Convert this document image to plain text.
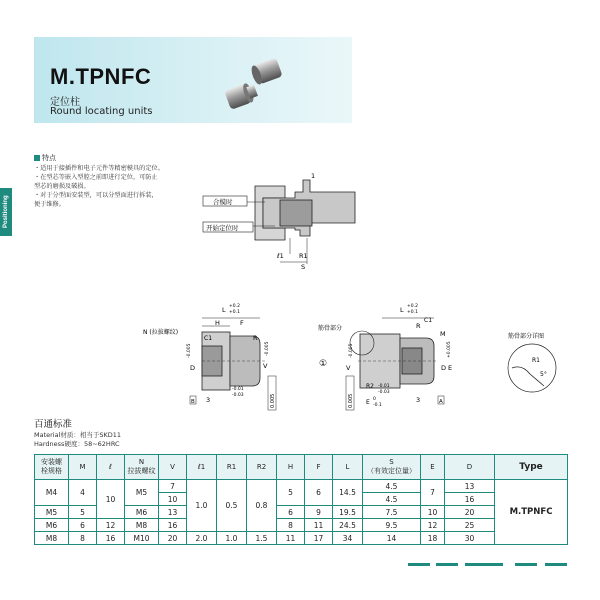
M.TPNFC
定位柱
Round locating units
Positioning
特点
・适用于接插件和电子元件等精密模具的定位。
・在型芯等嵌入型腔之前即进行定位，可防止
型芯的磨损及破损。
・对于分型面安装型，可以分型面进行拆装，
便于维修。	合模时
开始定位时
1
ℓ1 R1
S
L +0.2
+0.1
H	F
C1	R
N (拉拔螺纹)
D
-0.005
V
-0.005
-0.01
-0.03
3
B	0.005
L +0.2
+0.1
筋骨部分
①
R
C1
M
D E
+0.005
V
-0.005
R2 -0.01
-0.03
E 0
-0.1
3	A
0.005
筋骨部分详图
R1
5°
百通标准
Material材质：相当于SKD11
Hardness硬度：58~62HRC
安装螺
栓规格	M	ℓ	N
拉拔螺纹	V	ℓ1	R1	R2	H	F	L	S
（有效定位量）	E	D	Type
M4	4	10	M5	7	1.0	0.5	0.8	5	6	14.5	4.5	7	13	M.TPNFC
				10							4.5		16	
M5	5		M6	13				6	9	19.5	7.5	10	20	
M6	6	12	M8	16				8	11	24.5	9.5	12	25	
M8	8	16	M10	20	2.0	1.0	1.5	11	17	34	14	18	30	
